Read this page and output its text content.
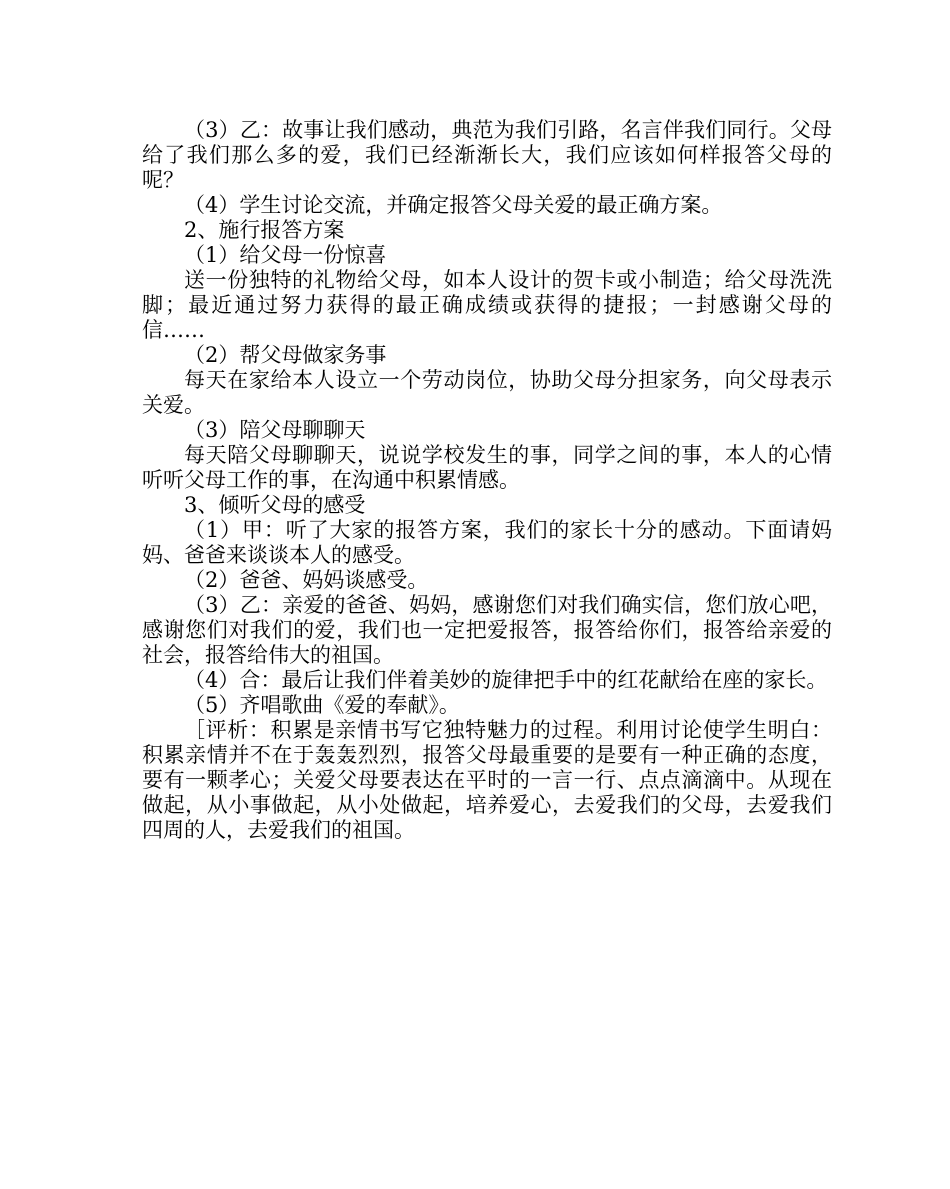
（3）乙：故事让我们感动，典范为我们引路，名言伴我们同行。父母给了我们那么多的爱，我们已经渐渐长大，我们应该如何样报答父母的呢？

（4）学生讨论交流，并确定报答父母关爱的最正确方案。

2、施行报答方案

（1）给父母一份惊喜

送一份独特的礼物给父母，如本人设计的贺卡或小制造；给父母洗洗脚；最近通过努力获得的最正确成绩或获得的捷报；一封感谢父母的信……

（2）帮父母做家务事

每天在家给本人设立一个劳动岗位，协助父母分担家务，向父母表示关爱。

（3）陪父母聊聊天

每天陪父母聊聊天，说说学校发生的事，同学之间的事，本人的心情听听父母工作的事，在沟通中积累情感。

3、倾听父母的感受

（1）甲：听了大家的报答方案，我们的家长十分的感动。下面请妈妈、爸爸来谈谈本人的感受。

（2）爸爸、妈妈谈感受。

（3）乙：亲爱的爸爸、妈妈，感谢您们对我们确实信，您们放心吧，感谢您们对我们的爱，我们也一定把爱报答，报答给你们，报答给亲爱的社会，报答给伟大的祖国。

（4）合：最后让我们伴着美妙的旋律把手中的红花献给在座的家长。

（5）齐唱歌曲《爱的奉献》。

［评析：积累是亲情书写它独特魅力的过程。利用讨论使学生明白：积累亲情并不在于轰轰烈烈，报答父母最重要的是要有一种正确的态度，要有一颗孝心；关爱父母要表达在平时的一言一行、点点滴滴中。从现在做起，从小事做起，从小处做起，培养爱心，去爱我们的父母，去爱我们四周的人，去爱我们的祖国。
